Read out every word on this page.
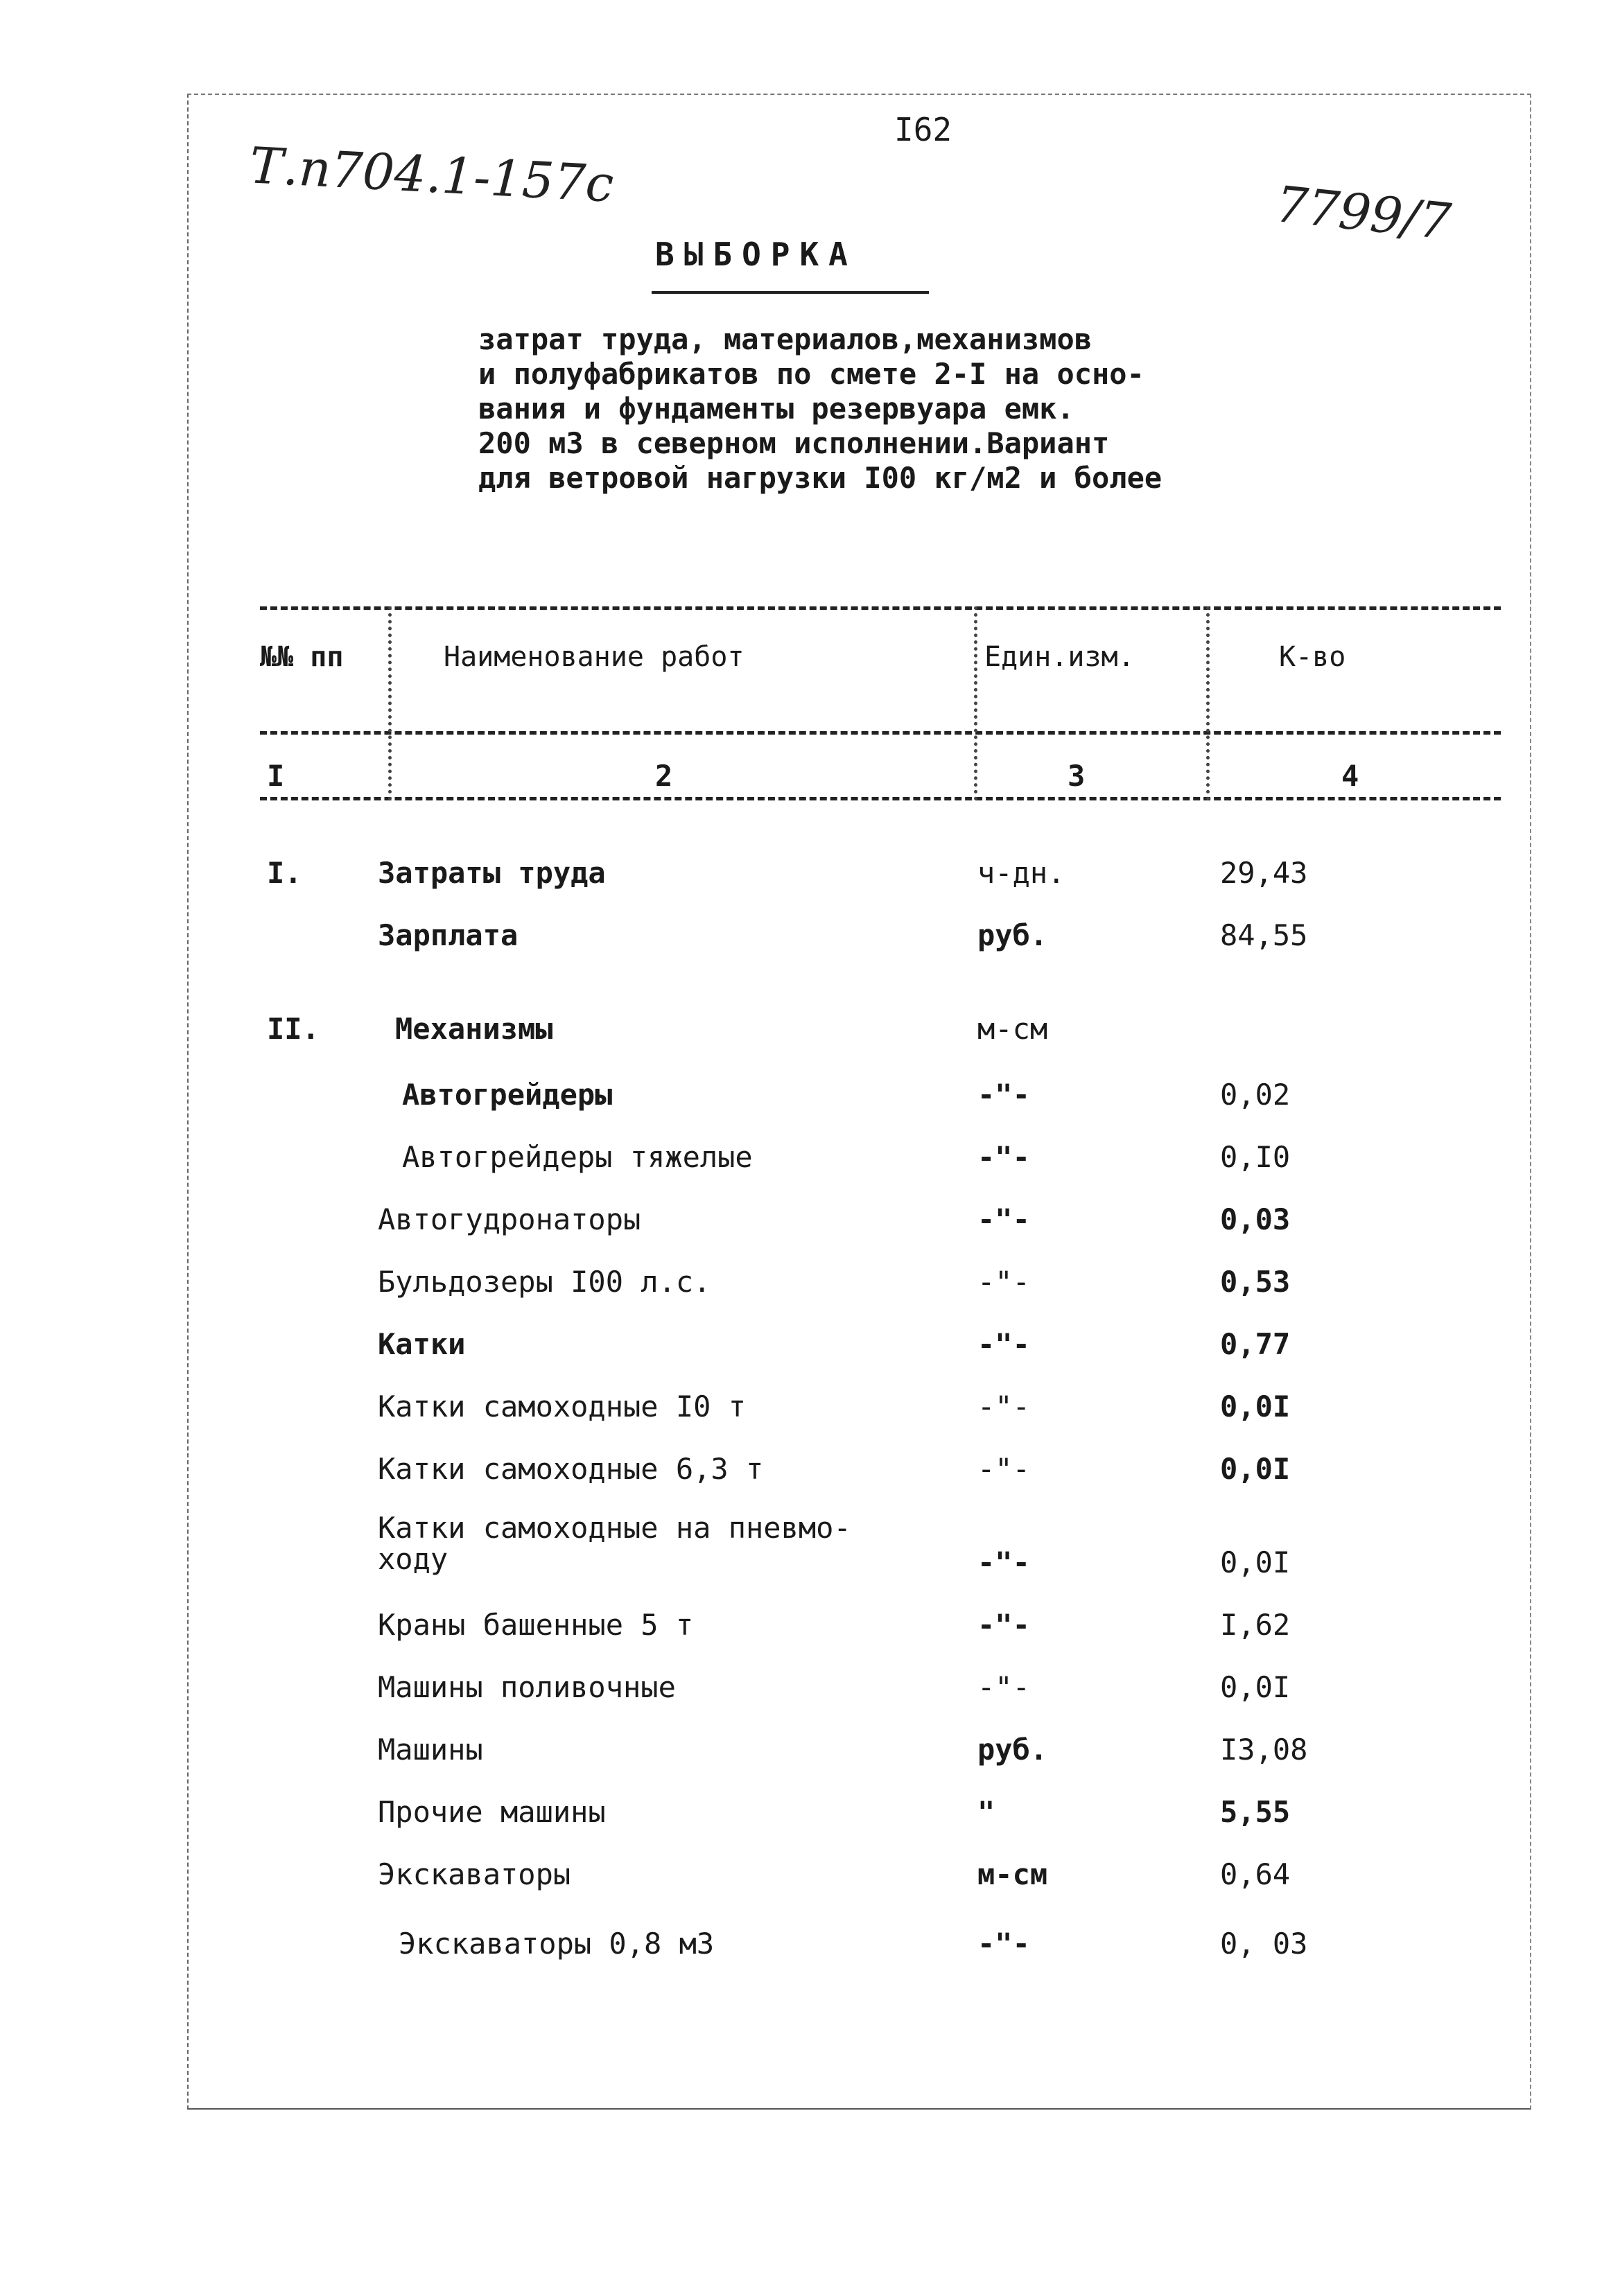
I62
Т.п704.1-157с	7799/7
ВЫБОРКА
затрат труда, материалов,механизмов
и полуфабрикатов по смете 2-I на осно-
вания и фундаменты резервуара емк.
200 м3 в северном исполнении.Вариант
для ветровой нагрузки I00 кг/м2 и более
№№ пп	Наименование работ	Един.изм.	К-во
I	2	3	4
I.	Затраты труда	ч-дн.	29,43
Зарплата	руб.	84,55
II.	Механизмы	м-см
Автогрейдеры	-"-	0,02
Автогрейдеры тяжелые	-"-	0,I0
Автогудронаторы	-"-	0,03
Бульдозеры I00 л.с.	-"-	0,53
Катки	-"-	0,77
Катки самоходные I0 т	-"-	0,0I
Катки самоходные 6,3 т	-"-	0,0I
Катки самоходные на пневмо-
ходу	-"-	0,0I
Краны башенные 5 т	-"-	I,62
Машины поливочные	-"-	0,0I
Машины	руб.	I3,08
Прочие машины	"	5,55
Экскаваторы	м-см	0,64
Экскаваторы 0,8 м3	-"-	0, 03
